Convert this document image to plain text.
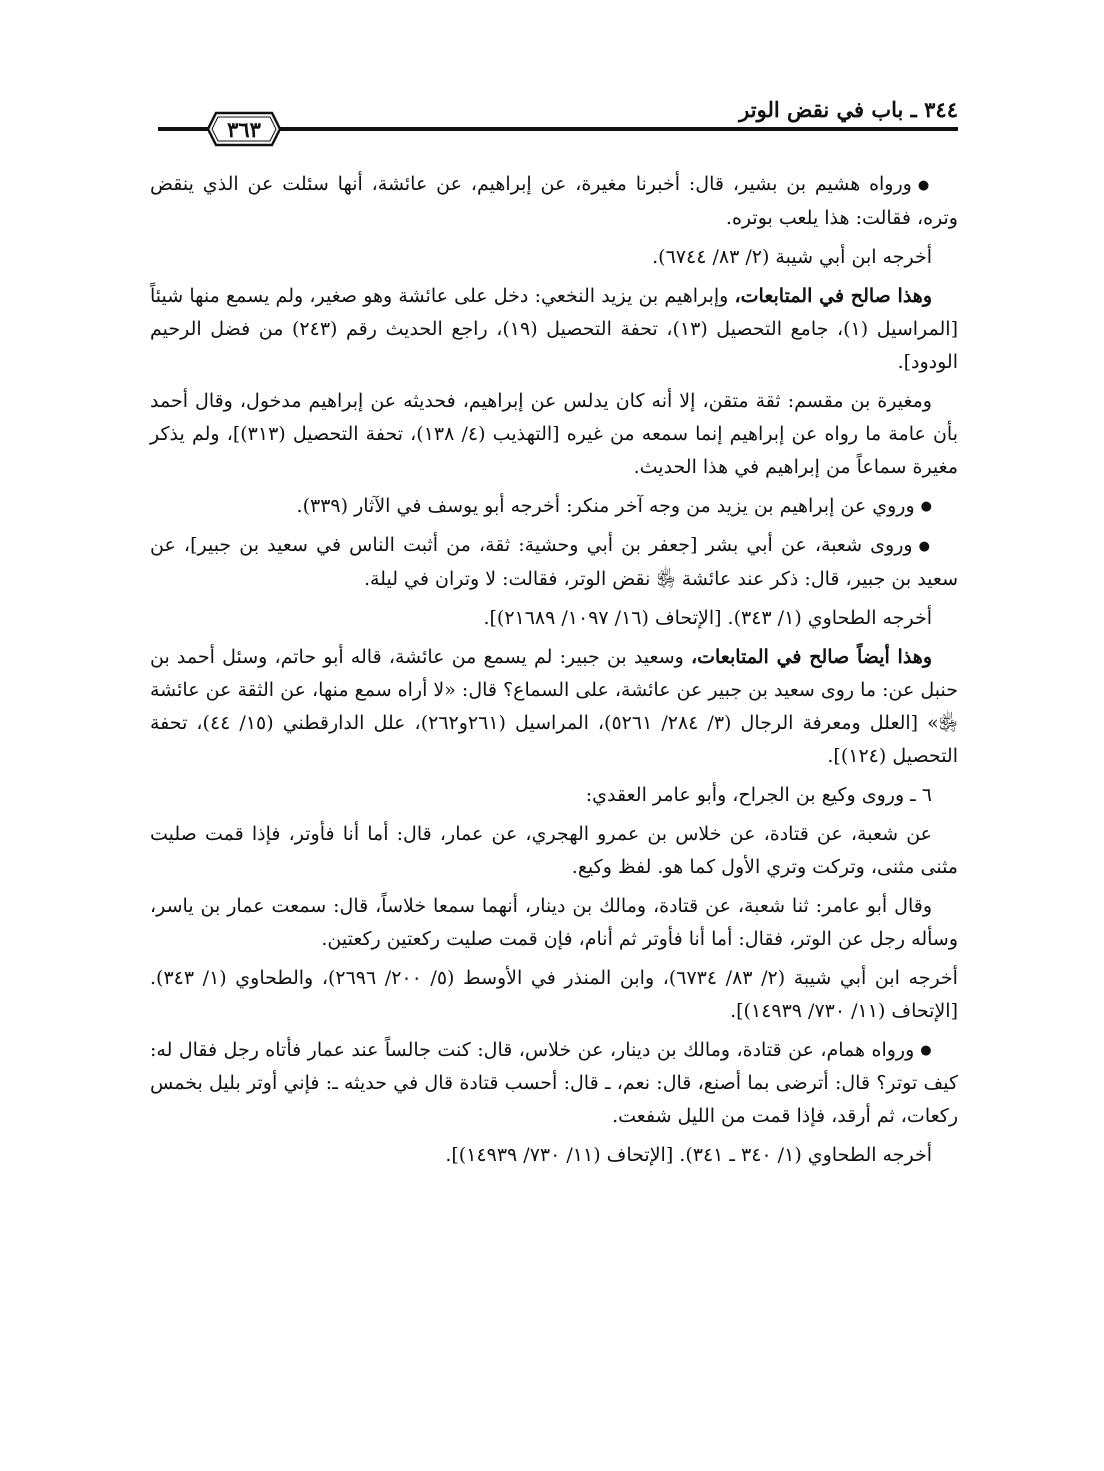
٣٤٤ ـ باب في نقض الوتر
٣٦٣

●ورواه هشيم بن بشير، قال: أخبرنا مغيرة، عن إبراهيم، عن عائشة، أنها سئلت عن الذي ينقض وتره، فقالت: هذا يلعب بوتره.

أخرجه ابن أبي شيبة (٢/ ٨٣/ ٦٧٤٤).

وهذا صالح في المتابعات، وإبراهيم بن يزيد النخعي: دخل على عائشة وهو صغير، ولم يسمع منها شيئاً [المراسيل (١)، جامع التحصيل (١٣)، تحفة التحصيل (١٩)، راجع الحديث رقم (٢٤٣) من فضل الرحيم الودود].

ومغيرة بن مقسم: ثقة متقن، إلا أنه كان يدلس عن إبراهيم، فحديثه عن إبراهيم مدخول، وقال أحمد بأن عامة ما رواه عن إبراهيم إنما سمعه من غيره [التهذيب (٤/ ١٣٨)، تحفة التحصيل (٣١٣)]، ولم يذكر مغيرة سماعاً من إبراهيم في هذا الحديث.

●وروي عن إبراهيم بن يزيد من وجه آخر منكر: أخرجه أبو يوسف في الآثار (٣٣٩).

●وروى شعبة، عن أبي بشر [جعفر بن أبي وحشية: ثقة، من أثبت الناس في سعيد بن جبير]، عن سعيد بن جبير، قال: ذكر عند عائشة ﵂ نقض الوتر، فقالت: لا وتران في ليلة.

أخرجه الطحاوي (١/ ٣٤٣). [الإتحاف (١٦/ ١٠٩٧/ ٢١٦٨٩)].

وهذا أيضاً صالح في المتابعات، وسعيد بن جبير: لم يسمع من عائشة، قاله أبو حاتم، وسئل أحمد بن حنبل عن: ما روى سعيد بن جبير عن عائشة، على السماع؟ قال: «لا أراه سمع منها، عن الثقة عن عائشة ﵂» [العلل ومعرفة الرجال (٣/ ٢٨٤/ ٥٢٦١)، المراسيل (٢٦١و٢٦٢)، علل الدارقطني (١٥/ ٤٤)، تحفة التحصيل (١٢٤)].

٦ ـ وروى وكيع بن الجراح، وأبو عامر العقدي:

عن شعبة، عن قتادة، عن خلاس بن عمرو الهجري، عن عمار، قال: أما أنا فأوتر، فإذا قمت صليت مثنى مثنى، وتركت وتري الأول كما هو. لفظ وكيع.

وقال أبو عامر: ثنا شعبة، عن قتادة، ومالك بن دينار، أنهما سمعا خلاساً، قال: سمعت عمار بن ياسر، وسأله رجل عن الوتر، فقال: أما أنا فأوتر ثم أنام، فإن قمت صليت ركعتين ركعتين.

أخرجه ابن أبي شيبة (٢/ ٨٣/ ٦٧٣٤)، وابن المنذر في الأوسط (٥/ ٢٠٠/ ٢٦٩٦)، والطحاوي (١/ ٣٤٣). [الإتحاف (١١/ ٧٣٠/ ١٤٩٣٩)].

●ورواه همام، عن قتادة، ومالك بن دينار، عن خلاس، قال: كنت جالساً عند عمار فأتاه رجل فقال له: كيف توتر؟ قال: أترضى بما أصنع، قال: نعم، ـ قال: أحسب قتادة قال في حديثه ـ: فإني أوتر بليل بخمس ركعات، ثم أرقد، فإذا قمت من الليل شفعت.

أخرجه الطحاوي (١/ ٣٤٠ ـ ٣٤١). [الإتحاف (١١/ ٧٣٠/ ١٤٩٣٩)].
